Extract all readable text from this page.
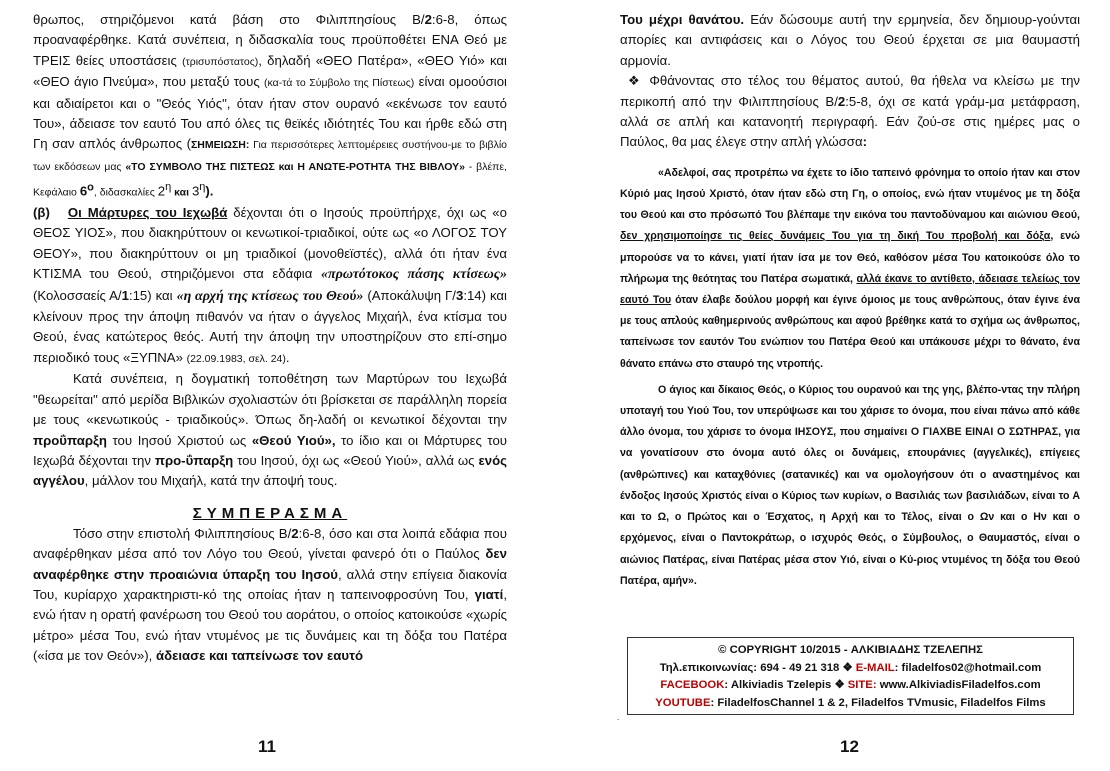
θρωπος, στηριζόμενοι κατά βάση στο Φιλιππησίους Β/2:6-8, όπως προαναφέρθηκε. Κατά συνέπεια, η διδασκαλία τους προϋποθέτει ΕΝΑ Θεό με ΤΡΕΙΣ θείες υποστάσεις (τρισυπόστατος), δηλαδή «ΘΕΟ Πατέρα», «ΘΕΟ Υιό» και «ΘΕΟ άγιο Πνεύμα», που μεταξύ τους (κα-τά το Σύμβολο της Πίστεως) είναι ομοούσιοι και αδιαίρετοι και ο "Θεός Υιός", όταν ήταν στον ουρανό «εκένωσε τον εαυτό Του», άδειασε τον εαυτό Του από όλες τις θεϊκές ιδιότητές Του και ήρθε εδώ στη Γη σαν απλός άνθρωπος (ΣΗΜΕΙΩΣΗ: Για περισσότερες λεπτομέρειες συστήνου-με το βιβλίο των εκδόσεων μας «ΤΟ ΣΥΜΒΟΛΟ ΤΗΣ ΠΙΣΤΕΩΣ και Η ΑΝΩΤΕ-ΡΟΤΗΤΑ ΤΗΣ ΒΙΒΛΟΥ» - βλέπε, Κεφάλαιο $6^o$, διδασκαλίες $2^\eta$ και $3^\eta$).

(β) Οι Μάρτυρες του Ιεχωβά δέχονται ότι ο Ιησούς προϋπήρχε, όχι ως «ο ΘΕΟΣ ΥΙΟΣ», που διακηρύττουν οι κενωτικοί-τριαδικοί, ούτε ως «ο ΛΟΓΟΣ ΤΟΥ ΘΕΟΥ», που διακηρύττουν οι μη τριαδικοί (μονοθεϊστές), αλλά ότι ήταν ένα ΚΤΙΣΜΑ του Θεού, στηριζόμενοι στα εδάφια «πρωτότοκος πάσης κτίσεως» (Κολοσσαείς Α/1:15) και «η αρχή της κτίσεως του Θεού» (Αποκάλυψη Γ/3:14) και κλείνουν προς την άποψη πιθανόν να ήταν ο άγγελος Μιχαήλ, ένα κτίσμα του Θεού, ένας κατώτερος θεός. Αυτή την άποψη την υποστηρίζουν στο επί-σημο περιοδικό τους «ΞΥΠΝΑ» (22.09.1983, σελ. 24).

Κατά συνέπεια, η δογματική τοποθέτηση των Μαρτύρων του Ιεχωβά "θεωρείται" από μερίδα Βιβλικών σχολιαστών ότι βρίσκεται σε παράλληλη πορεία με τους «κενωτικούς - τριαδικούς». Όπως δη-λαδή οι κενωτικοί δέχονται την προΰπαρξη του Ιησού Χριστού ως «Θεού Υιού», το ίδιο και οι Μάρτυρες του Ιεχωβά δέχονται την προ-ΰπαρξη του Ιησού, όχι ως «Θεού Υιού», αλλά ως ενός αγγέλου, μάλλον του Μιχαήλ, κατά την άποψή τους.

ΣΥΜΠΕΡΑΣΜΑ

Τόσο στην επιστολή Φιλιππησίους Β/2:6-8, όσο και στα λοιπά εδάφια που αναφέρθηκαν μέσα από τον Λόγο του Θεού, γίνεται φανερό ότι ο Παύλος δεν αναφέρθηκε στην προαιώνια ύπαρξη του Ιησού, αλλά στην επίγεια διακονία Του, κυρίαρχο χαρακτηριστι-κό της οποίας ήταν η ταπεινοφροσύνη Του, γιατί, ενώ ήταν η ορατή φανέρωση του Θεού του αοράτου, ο οποίος κατοικούσε «χωρίς μέτρο» μέσα Του, ενώ ήταν ντυμένος με τις δυνάμεις και τη δόξα του Πατέρα («ίσα με τον Θεόν»), άδειασε και ταπείνωσε τον εαυτό

11

Του μέχρι θανάτου. Εάν δώσουμε αυτή την ερμηνεία, δεν δημιουρ-γούνται απορίες και αντιφάσεις και ο Λόγος του Θεού έρχεται σε μια θαυμαστή αρμονία.

❖ Φθάνοντας στο τέλος του θέματος αυτού, θα ήθελα να κλείσω με την περικοπή από την Φιλιππησίους Β/2:5-8, όχι σε κατά γράμ-μα μετάφραση, αλλά σε απλή και κατανοητή περιγραφή. Εάν ζού-σε στις ημέρες μας ο Παύλος, θα μας έλεγε στην απλή γλώσσα:

«Αδελφοί, σας προτρέπω να έχετε το ίδιο ταπεινό φρόνημα το οποίο ήταν και στον Κύριό μας Ιησού Χριστό, όταν ήταν εδώ στη Γη, ο οποίος, ενώ ήταν ντυμένος με τη δόξα του Θεού και στο πρόσωπό Του βλέπαμε την εικόνα του παντοδύναμου και αιώνιου Θεού, δεν χρησιμοποίησε τις θείες δυνάμεις Του για τη δική Του προβολή και δόξα, ενώ μπορούσε να το κάνει, γιατί ήταν ίσα με τον Θεό, καθόσον μέσα Του κατοικούσε όλο το πλήρωμα της θεότητας του Πατέρα σωματικά, αλλά έκανε το αντίθετο, άδειασε τελείως τον εαυτό Του όταν έλαβε δούλου μορφή και έγινε όμοιος με τους ανθρώπους, όταν έγινε ένα με τους απλούς καθημερινούς ανθρώπους και αφού βρέθηκε κατά το σχήμα ως άνθρωπος, ταπείνωσε τον εαυτόν Του ενώπιον του Πατέρα Θεού και υπάκουσε μέχρι το θάνατο, ένα θάνατο επάνω στο σταυρό της ντροπής.

Ο άγιος και δίκαιος Θεός, ο Κύριος του ουρανού και της γης, βλέπο-ντας την πλήρη υποταγή του Υιού Του, τον υπερύψωσε και του χάρισε το όνομα, που είναι πάνω από κάθε άλλο όνομα, του χάρισε το όνομα ΙΗΣΟΥΣ, που σημαίνει Ο ΓΙΑΧΒΕ ΕΙΝΑΙ Ο ΣΩΤΗΡΑΣ, για να γονατίσουν στο όνομα αυτό όλες οι δυνάμεις, επουράνιες (αγγελικές), επίγειες (ανθρώπινες) και καταχθόνιες (σατανικές) και να ομολογήσουν ότι ο αναστημένος και ένδοξος Ιησούς Χριστός είναι ο Κύριος των κυρίων, ο Βασιλιάς των βασιλιάδων, είναι το Α και το Ω, ο Πρώτος και ο Έσχατος, η Αρχή και το Τέλος, είναι ο Ων και ο Ην και ο ερχόμενος, είναι ο Παντοκράτωρ, ο ισχυρός Θεός, ο Σύμβουλος, ο Θαυμαστός, είναι ο αιώνιος Πατέρας, είναι Πατέρας μέσα στον Υιό, είναι ο Κύ-ριος ντυμένος τη δόξα του Θεού Πατέρα, αμήν».

.
12
© COPYRIGHT 10/2015 - ΑΛΚΙΒΙΑΔΗΣ ΤΖΕΛΕΠΗΣ
Τηλ.επικοινωνίας: 694 - 49 21 318 ❖ E-MAIL: filadelfos02@hotmail.com
FACEBOOK: Alkiviadis Tzelepis ❖ SITE: www.AlkiviadisFiladelfos.com
YOUTUBE: FiladelfosChannel 1 & 2, Filadelfos TVmusic, Filadelfos Films
